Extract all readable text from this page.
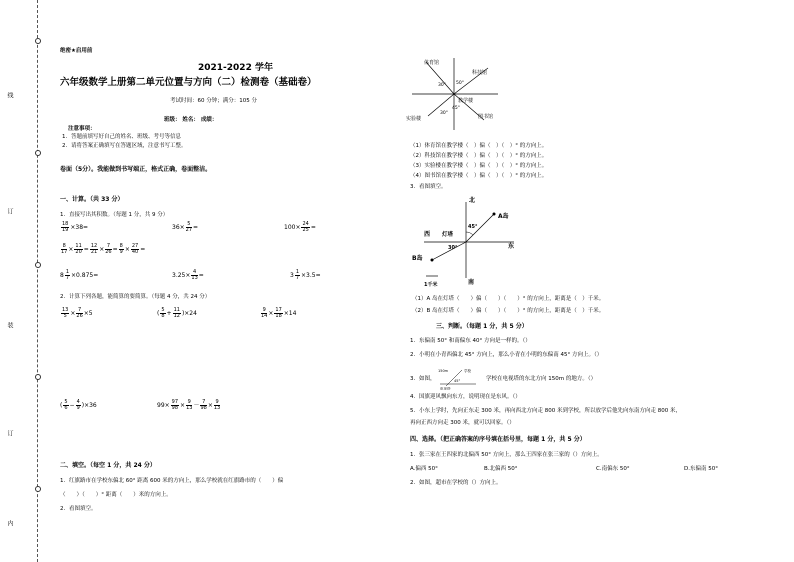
线
订
装
订
内
绝密★启用前
2021-2022 学年
六年级数学上册第二单元位置与方向（二）检测卷（基础卷）
考试时间：60 分钟；满分：105 分
班级： 姓名： 成绩：
注意事项：
1．答题前填写好自己的姓名、班级、考号等信息
2．请将答案正确填写在答题区域，注意书写工整。
卷面（5分）。我能做到书写端正，格式正确，卷面整洁。
一、计算。（共 33 分）
1．直接写出其积数。（每题 1 分，共 9 分）
$\frac{18}{19} \times 38=$	$36\times \frac{5}{27}$ =	$100\times \frac{24}{25}$ =
$\frac{8}{17} \times \frac{11}{20} = \frac{12}{21} \times \frac{7}{26} = \frac{8}{9} \times \frac{27}{40}$ =
$8 \frac{1}{7} \times 0.875=$	$3.25\times \frac{4}{13}$ =	$3 \frac{1}{7} \times 3.5=$
2．计算下列各题，能简算的要简算。（每题 4 分，共 24 分）
$\frac{13}{5} \times \frac{7}{26} \times 5$	( $\frac{5}{8} + \frac{11}{12} )\times 24$	$\frac{9}{14} \times \frac{17}{18} \times 14$
( $\frac{5}{6} - \frac{4}{9} )\times 36$	$99\times \frac{97}{98} \times \frac{9}{13} - \frac{7}{98} \times \frac{9}{13}$
二、填空。（每空 1 分，共 24 分）
1．红旗路市在学校东偏北 60° 距离 600 米的方向上，那么学校就在红旗路市的（　　）偏
（　　）（　　）° 距离（　　）米的方向上。
2．看图填空。
体育馆
科技馆
教学楼
实验楼	图书馆
30° 50°
45°
30°
（1）体育馆在教学楼（　）偏（　）（　）° 的方向上。
（2）科技馆在教学楼（　）偏（　）（　）° 的方向上。
（3）实验楼在教学楼（　）偏（　）（　）° 的方向上。
（4）图书馆在教学楼（　）偏（　）（　）° 的方向上。
3．看图填空。
北
A岛
西 灯塔
45°
东
30°
B岛
南
1千米
（1）A 岛在灯塔（　　）偏（　　）（　　）° 的方向上，距离是（　）千米。
（2）B 岛在灯塔（　　）偏（　　）（　　）° 的方向上，距离是（　）千米。
三、判断。（每题 1 分，共 5 分）
1．东偏南 50° 和南偏东 40° 方向是一样的。（）
2．小明在小青西偏北 45° 方向上，那么小青在小明的东偏南 45° 方向上。（）
3．如图，
150m	学校
45°
电视塔
学校在电视塔的东北方向 150m 的地方。（）
4．国旗迎风飘向东方，说明现在是东风。（）
5．小东上学时，先向正东走 300 米，再向西北方向走 800 米到学校，所以放学后他先向东南方向走 800 米，
再向正西方向走 300 米，就可以回家。（）
四、选择。（把正确答案的序号填在括号里，每题 1 分，共 5 分）
1．张三家在王四家的北偏西 50° 方向上，那么王四家在张三家的（）方向上。
A.偏西 50°	B.北偏西 50°	C.南偏东 50°	D.东偏南 50°
2．如图，超市在学校的（）方向上。
